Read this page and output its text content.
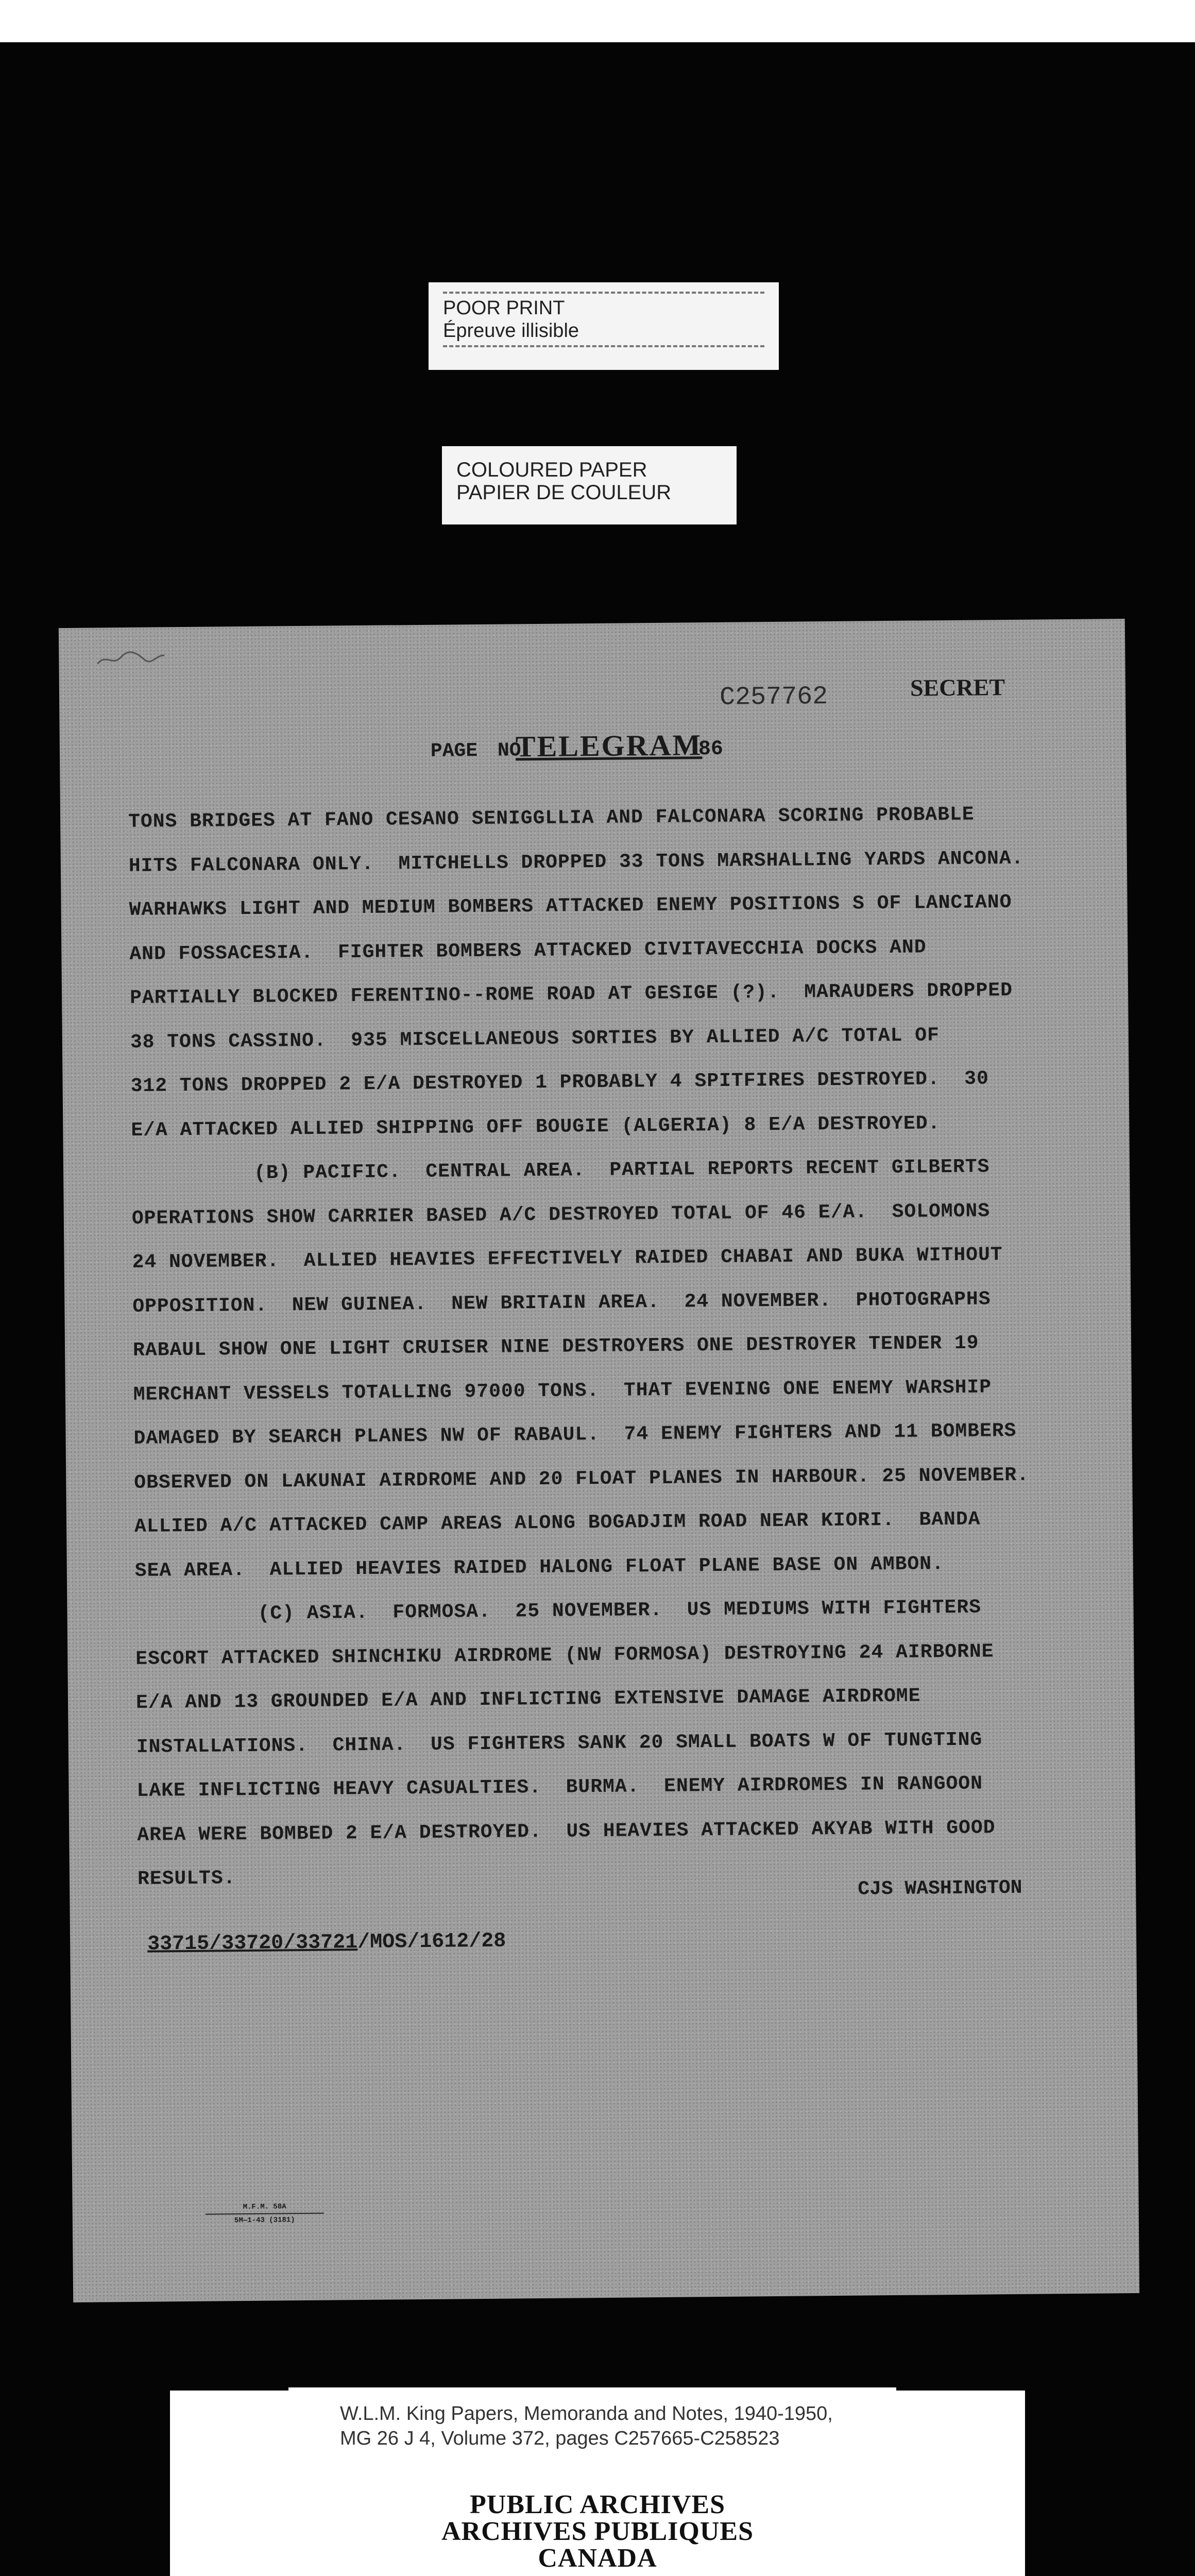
POOR PRINT
Épreuve illisible
COLOURED PAPER
PAPIER DE COULEUR
C257762	SECRET
PAGE NO
TELEGRAM
86
TONS BRIDGES AT FANO CESANO SENIGGLLIA AND FALCONARA SCORING PROBABLE
HITS FALCONARA ONLY.  MITCHELLS DROPPED 33 TONS MARSHALLING YARDS ANCONA.
WARHAWKS LIGHT AND MEDIUM BOMBERS ATTACKED ENEMY POSITIONS S OF LANCIANO
AND FOSSACESIA.  FIGHTER BOMBERS ATTACKED CIVITAVECCHIA DOCKS AND
PARTIALLY BLOCKED FERENTINO--ROME ROAD AT GESIGE (?).  MARAUDERS DROPPED
38 TONS CASSINO.  935 MISCELLANEOUS SORTIES BY ALLIED A/C TOTAL OF
312 TONS DROPPED 2 E/A DESTROYED 1 PROBABLY 4 SPITFIRES DESTROYED.  30
E/A ATTACKED ALLIED SHIPPING OFF BOUGIE (ALGERIA) 8 E/A DESTROYED.
(B) PACIFIC.  CENTRAL AREA.  PARTIAL REPORTS RECENT GILBERTS
OPERATIONS SHOW CARRIER BASED A/C DESTROYED TOTAL OF 46 E/A.  SOLOMONS
24 NOVEMBER.  ALLIED HEAVIES EFFECTIVELY RAIDED CHABAI AND BUKA WITHOUT
OPPOSITION.  NEW GUINEA.  NEW BRITAIN AREA.  24 NOVEMBER.  PHOTOGRAPHS
RABAUL SHOW ONE LIGHT CRUISER NINE DESTROYERS ONE DESTROYER TENDER 19
MERCHANT VESSELS TOTALLING 97000 TONS.  THAT EVENING ONE ENEMY WARSHIP
DAMAGED BY SEARCH PLANES NW OF RABAUL.  74 ENEMY FIGHTERS AND 11 BOMBERS
OBSERVED ON LAKUNAI AIRDROME AND 20 FLOAT PLANES IN HARBOUR. 25 NOVEMBER.
ALLIED A/C ATTACKED CAMP AREAS ALONG BOGADJIM ROAD NEAR KIORI.  BANDA
SEA AREA.  ALLIED HEAVIES RAIDED HALONG FLOAT PLANE BASE ON AMBON.
(C) ASIA.  FORMOSA.  25 NOVEMBER.  US MEDIUMS WITH FIGHTERS
ESCORT ATTACKED SHINCHIKU AIRDROME (NW FORMOSA) DESTROYING 24 AIRBORNE
E/A AND 13 GROUNDED E/A AND INFLICTING EXTENSIVE DAMAGE AIRDROME
INSTALLATIONS.  CHINA.  US FIGHTERS SANK 20 SMALL BOATS W OF TUNGTING
LAKE INFLICTING HEAVY CASUALTIES.  BURMA.  ENEMY AIRDROMES IN RANGOON
AREA WERE BOMBED 2 E/A DESTROYED.  US HEAVIES ATTACKED AKYAB WITH GOOD
RESULTS.	CJS WASHINGTON
33715/33720/33721/MOS/1612/28
M.F.M. 58A
5M—1-43 (3181)
W.L.M. King Papers, Memoranda and Notes, 1940-1950,
MG 26 J 4, Volume 372, pages C257665-C258523
PUBLIC ARCHIVES
ARCHIVES PUBLIQUES
CANADA
